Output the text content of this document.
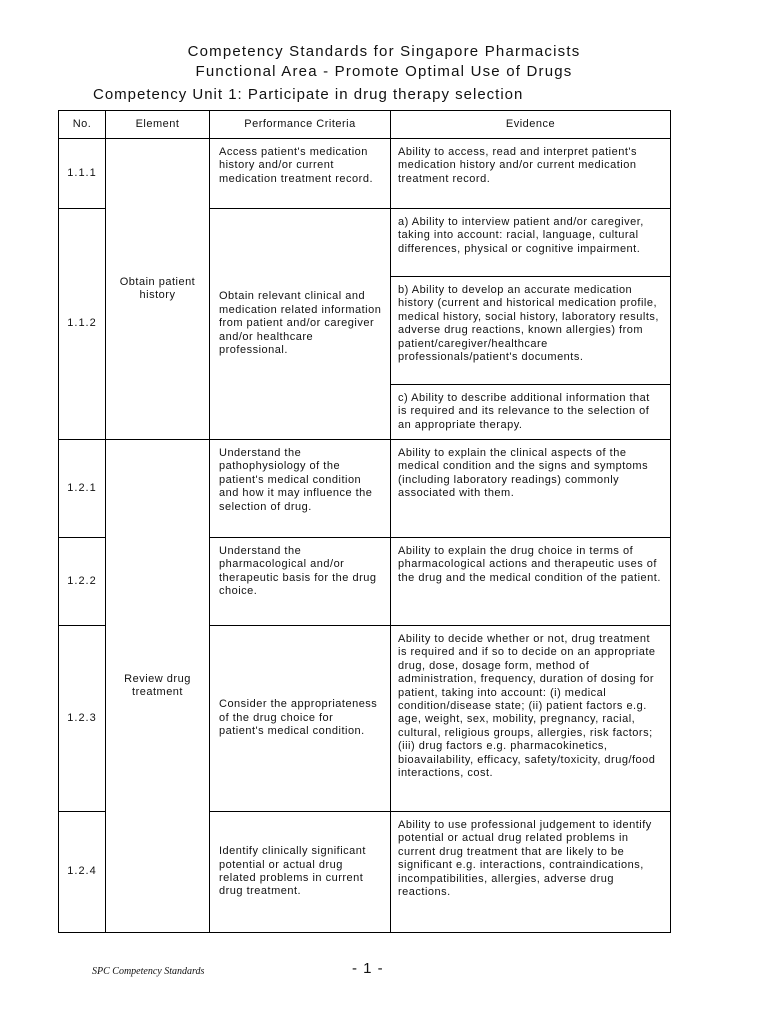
Competency Standards for Singapore Pharmacists
Functional Area - Promote Optimal Use of Drugs
Competency Unit 1: Participate in drug therapy selection
No.	Element	Performance Criteria	Evidence
1.1.1	Obtain patient history	Access patient's medication history and/or current medication treatment record.	Ability to access, read and interpret patient's medication history and/or current medication treatment record.
1.1.2		Obtain relevant clinical and medication related information from patient and/or caregiver and/or healthcare professional.	a) Ability to interview patient and/or caregiver, taking into account: racial, language, cultural differences, physical or cognitive impairment.
			b) Ability to develop an accurate medication history (current and historical medication profile, medical history, social history, laboratory results, adverse drug reactions, known allergies) from patient/caregiver/healthcare professionals/patient's documents.
			c) Ability to describe additional information that is required and its relevance to the selection of an appropriate therapy.
1.2.1	Review drug treatment	Understand the pathophysiology of the patient's medical condition and how it may influence the selection of drug.	Ability to explain the clinical aspects of the medical condition and the signs and symptoms (including laboratory readings) commonly associated with them.
1.2.2		Understand the pharmacological and/or therapeutic basis for the drug choice.	Ability to explain the drug choice in terms of pharmacological actions and therapeutic uses of the drug and the medical condition of the patient.
1.2.3		Consider the appropriateness of the drug choice for patient's medical condition.	Ability to decide whether or not, drug treatment is required and if so to decide on an appropriate drug, dose, dosage form, method of administration, frequency, duration of dosing for patient, taking into account: (i) medical condition/disease state; (ii) patient factors e.g. age, weight, sex, mobility, pregnancy, racial, cultural, religious groups, allergies, risk factors; (iii) drug factors e.g. pharmacokinetics, bioavailability, efficacy, safety/toxicity, drug/food interactions, cost.
1.2.4		Identify clinically significant potential or actual drug related problems in current drug treatment.	Ability to use professional judgement to identify potential or actual drug related problems in current drug treatment that are likely to be significant e.g. interactions, contraindications, incompatibilities, allergies, adverse drug reactions.
SPC Competency Standards	- 1 -
